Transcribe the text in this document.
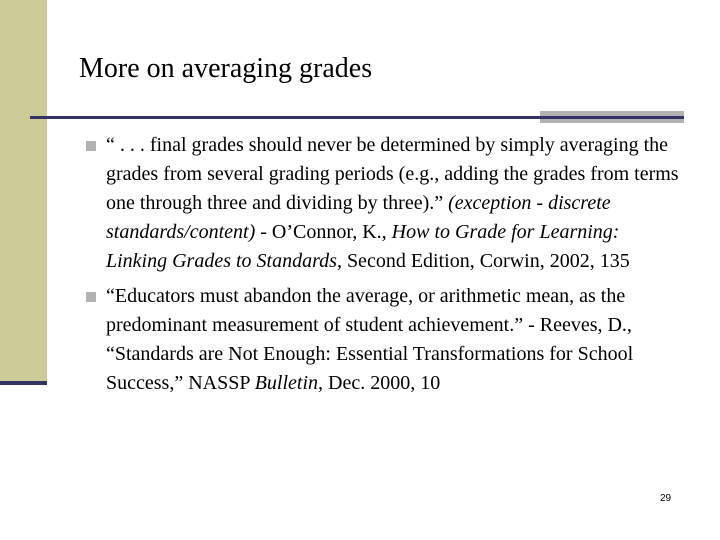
More on averaging grades
“ . . . final grades should never be determined by simply averaging the grades from several grading periods (e.g., adding the grades from terms one through three and dividing by three).” (exception - discrete standards/content) - O’Connor, K., How to Grade for Learning: Linking Grades to Standards, Second Edition, Corwin, 2002, 135
“Educators must abandon the average, or arithmetic mean, as the predominant measurement of student achievement.” - Reeves, D., “Standards are Not Enough: Essential Transformations for School Success,” NASSP Bulletin, Dec. 2000, 10
29
